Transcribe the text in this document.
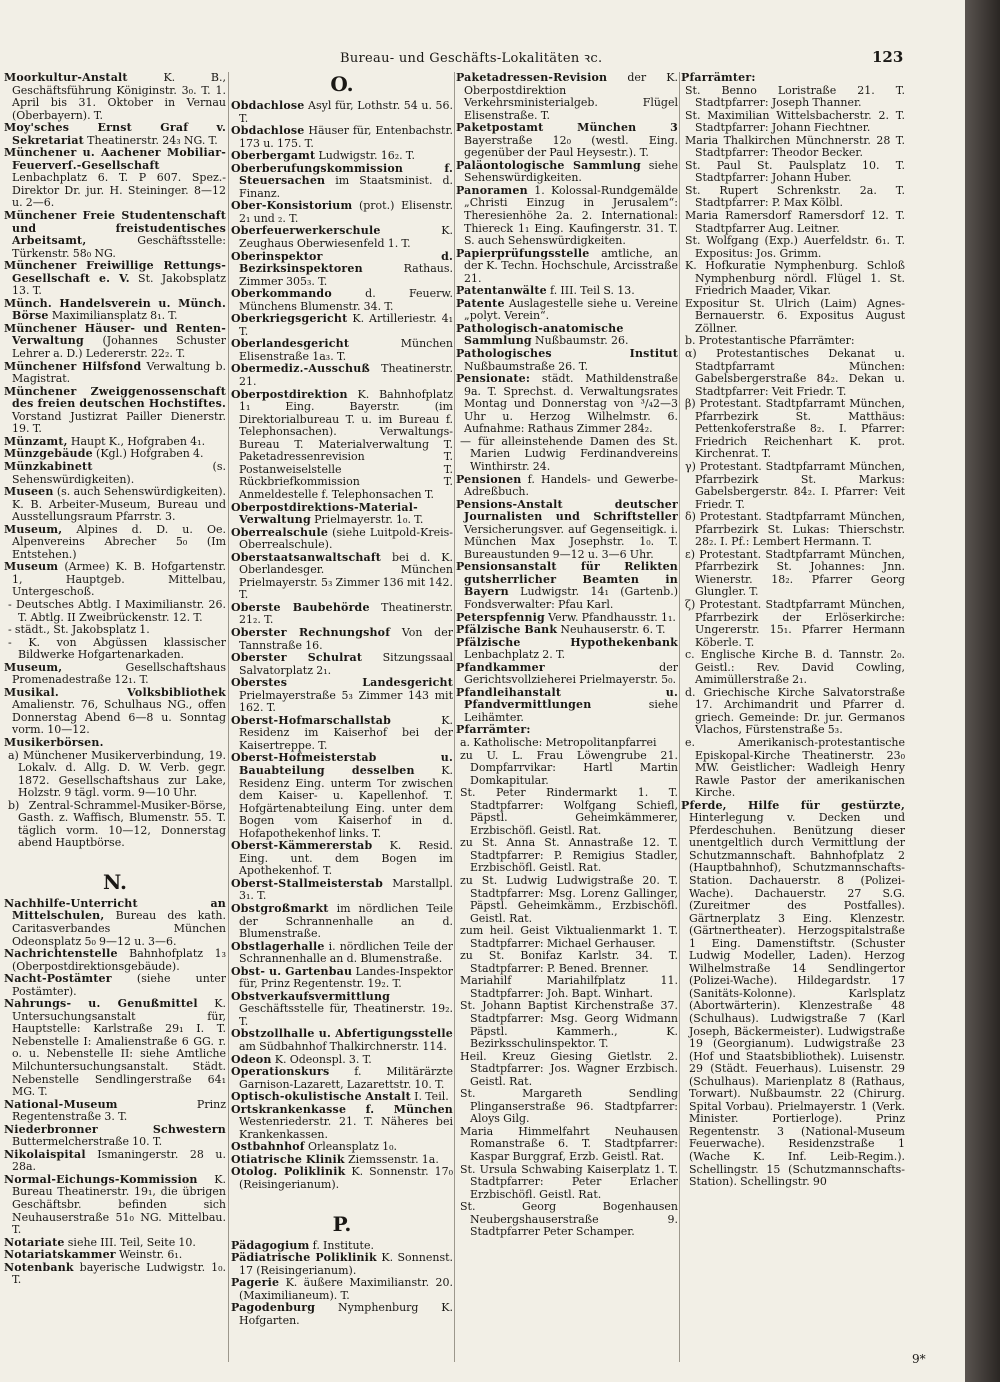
Bureau- und Geschäfts-Lokalitäten ꝛc.	123
Moorkultur-Anstalt K. B., Geschäftsführung Königinstr. 3₀. T. 1. April bis 31. Oktober in Vernau (Oberbayern). T.
Moy'sches Ernst Graf v. Sekretariat Theatinerstr. 24₃ NG. T.
Münchener u. Aachener Mobiliar-Feuerverſ.-Gesellschaft Lenbachplatz 6. T. P 607. Spez.-Direktor Dr. jur. H. Steininger. 8—12 u. 2—6.
Münchener Freie Studentenschaft und freistudentisches Arbeitsamt, Geschäftsstelle: Türkenstr. 58₀ NG.
Münchener Freiwillige Rettungs-Gesellschaft e. V. St. Jakobsplatz 13. T.
Münch. Handelsverein u. Münch. Börse Maximiliansplatz 8₁. T.
Münchener Häuser- und Renten-Verwaltung (Johannes Schuster Lehrer a. D.) Ledererstr. 22₂. T.
Münchener Hilfsfond Verwaltung b. Magistrat.
Münchener Zweiggenossenschaft des freien deutschen Hochstiftes. Vorstand Justizrat Pailler Dienerstr. 19. T.
Münzamt, Haupt K., Hofgraben 4₁.
Münzgebäude (Kgl.) Hofgraben 4.
Münzkabinett (s. Sehenswürdigkeiten).
Museen (s. auch Sehenswürdigkeiten). K. B. Arbeiter-Museum, Bureau und Ausstellungsraum Pfarrstr. 3.
Museum, Alpines d. D. u. Oe. Alpenvereins Abrecher 5₀ (Im Entstehen.)
Museum (Armee) K. B. Hofgartenstr. 1, Hauptgeb. Mittelbau, Untergeschoß.
- Deutsches Abtlg. I Maximilianstr. 26. T. Abtlg. II Zweibrückenstr. 12. T.
- städt., St. Jakobsplatz 1.
- K. von Abgüssen klassischer Bildwerke Hofgartenarkaden.
Museum, Gesellschaftshaus Promenadestraße 12₁. T.
Musikal. Volksbibliothek Amalienstr. 76, Schulhaus NG., offen Donnerstag Abend 6—8 u. Sonntag vorm. 10—12.
Musikerbörsen.
a) Münchener Musikerverbindung, 19. Lokalv. d. Allg. D. W. Verb. gegr. 1872. Gesellschaftshaus zur Lake, Holzstr. 9 tägl. vorm. 9—10 Uhr.
b) Zentral-Schrammel-Musiker-Börse, Gasth. z. Waffisch, Blumenstr. 55. T. täglich vorm. 10—12, Donnerstag abend Hauptbörse.
N.
Nachhilfe-Unterricht an Mittelschulen, Bureau des kath. Caritasverbandes München Odeonsplatz 5₀ 9—12 u. 3—6.
Nachrichtenstelle Bahnhofplatz 1₃ (Oberpostdirektionsgebäude).
Nacht-Postämter (siehe unter Postämter).
Nahrungs- u. Genußmittel K. Untersuchungsanstalt für, Hauptstelle: Karlstraße 29₁ I. T. Nebenstelle I: Amalienstraße 6 GG. r. o. u. Nebenstelle II: siehe Amtliche Milchuntersuchungsanstalt. Städt. Nebenstelle Sendlingerstraße 64₁ MG. T.
National-Museum Prinz Regentenstraße 3. T.
Niederbronner Schwestern Buttermelcherstraße 10. T.
Nikolaispital Ismaningerstr. 28 u. 28a.
Normal-Eichungs-Kommission K. Bureau Theatinerstr. 19₁, die übrigen Geschäftsbr. befinden sich Neuhauserstraße 51₀ NG. Mittelbau. T.
Notariate siehe III. Teil, Seite 10.
Notariatskammer Weinstr. 6₁.
Notenbank bayerische Ludwigstr. 1₀. T.
O.
Obdachlose Asyl für, Lothstr. 54 u. 56. T.
Obdachlose Häuser für, Entenbachstr. 173 u. 175. T.
Oberbergamt Ludwigstr. 16₂. T.
Oberberufungskommission f. Steuersachen im Staatsminist. d. Finanz.
Ober-Konsistorium (prot.) Elisenstr. 2₁ und ₂. T.
Oberfeuerwerkerschule K. Zeughaus Oberwiesenfeld 1. T.
Oberinspektor d. Bezirksinspektoren Rathaus. Zimmer 305₃. T.
Oberkommando d. Feuerw. Münchens Blumenstr. 34. T.
Oberkriegsgericht K. Artilleriestr. 4₁ T.
Oberlandesgericht München Elisenstraße 1a₃. T.
Obermediz.-Ausschuß Theatinerstr. 21.
Oberpostdirektion K. Bahnhofplatz 1₁ Eing. Bayerstr. (im Direktorialbureau T. u. im Bureau f. Telephonsachen). Verwaltungs-Bureau T. Materialverwaltung T. Paketadressenrevision T. Postanweiselstelle T. Rückbriefkommission T. Anmeldestelle f. Telephonsachen T.
Oberpostdirektions-Material-Verwaltung Prielmayerstr. 1₀. T.
Oberrealschule (siehe Luitpold-Kreis-Oberrealschule).
Oberstaatsanwaltschaft bei d. K. Oberlandesger. München Prielmayerstr. 5₃ Zimmer 136 mit 142. T.
Oberste Baubehörde Theatinerstr. 21₂. T.
Oberster Rechnungshof Von der Tannstraße 16.
Oberster Schulrat Sitzungssaal Salvatorplatz 2₁.
Oberstes Landesgericht Prielmayerstraße 5₃ Zimmer 143 mit 162. T.
Oberst-Hofmarschallstab K. Residenz im Kaiserhof bei der Kaisertreppe. T.
Oberst-Hofmeisterstab u. Bauabteilung desselben K. Residenz Eing. unterm Tor zwischen dem Kaiser- u. Kapellenhof. T. Hofgärtenabteilung Eing. unter dem Bogen vom Kaiserhof in d. Hofapothekenhof links. T.
Oberst-Kämmererstab K. Resid. Eing. unt. dem Bogen im Apothekenhof. T.
Oberst-Stallmeisterstab Marstallpl. 3₁. T.
Obstgroßmarkt im nördlichen Teile der Schrannenhalle an d. Blumenstraße.
Obstlagerhalle i. nördlichen Teile der Schrannenhalle an d. Blumenstraße.
Obst- u. Gartenbau Landes-Inspektor für, Prinz Regentenstr. 19₂. T.
Obstverkaufsvermittlung Geschäftsstelle für, Theatinerstr. 19₂. T.
Obstzollhalle u. Abfertigungsstelle am Südbahnhof Thalkirchnerstr. 114.
Odeon K. Odeonspl. 3. T.
Operationskurs f. Militärärzte Garnison-Lazarett, Lazarettstr. 10. T.
Optisch-okulistische Anstalt I. Teil.
Ortskrankenkasse f. München Westenriederstr. 21. T. Näheres bei Krankenkassen.
Ostbahnhof Orleansplatz 1₀.
Otiatrische Klinik Ziemssenstr. 1a.
Otolog. Poliklinik K. Sonnenstr. 17₀ (Reisingerianum).
P.
Pädagogium f. Institute.
Pädiatrische Poliklinik K. Sonnenst. 17 (Reisingerianum).
Pagerie K. äußere Maximilianstr. 20. (Maximilianeum). T.
Pagodenburg Nymphenburg K. Hofgarten.
Paketadressen-Revision der K. Oberpostdirektion Verkehrsministerialgeb. Flügel Elisenstraße. T.
Paketpostamt München 3 Bayerstraße 12₀ (westl. Eing. gegenüber der Paul Heysestr.). T.
Paläontologische Sammlung siehe Sehenswürdigkeiten.
Panoramen 1. Kolossal-Rundgemälde „Christi Einzug in Jerusalem“: Theresienhöhe 2a. 2. International: Thiereck 1₁ Eing. Kaufingerstr. 31. T. S. auch Sehenswürdigkeiten.
Papierprüfungsstelle amtliche, an der K. Techn. Hochschule, Arcisstraße 21.
Patentanwälte f. III. Teil S. 13.
Patente Auslagestelle siehe u. Vereine „polyt. Verein“.
Pathologisch-anatomische Sammlung Nußbaumstr. 26.
Pathologisches Institut Nußbaumstraße 26. T.
Pensionate: städt. Mathildenstraße 9a. T. Sprechst. d. Verwaltungsrates Montag und Donnerstag von ³/₄2—3 Uhr u. Herzog Wilhelmstr. 6. Aufnahme: Rathaus Zimmer 284₂.
— für alleinstehende Damen des St. Marien Ludwig Ferdinandvereins Winthirstr. 24.
Pensionen f. Handels- und Gewerbe-Adreßbuch.
Pensions-Anstalt deutscher Journalisten und Schriftsteller Versicherungsver. auf Gegenseitigk. i. München Max Josephstr. 1₀. T. Bureaustunden 9—12 u. 3—6 Uhr.
Pensionsanstalt für Relikten gutsherrlicher Beamten in Bayern Ludwigstr. 14₁ (Gartenb.) Fondsverwalter: Pfau Karl.
Peterspfennig Verw. Pfandhausstr. 1₁.
Pfälzische Bank Neuhauserstr. 6. T.
Pfälzische Hypothekenbank Lenbachplatz 2. T.
Pfandkammer der Gerichtsvollzieherei Prielmayerstr. 5₀.
Pfandleihanstalt u. Pfandvermittlungen siehe Leihämter.
Pfarrämter:
a. Katholische: Metropolitanpfarrei
zu U. L. Frau Löwengrube 21. Dompfarrvikar: Hartl Martin Domkapitular.
St. Peter Rindermarkt 1. T. Stadtpfarrer: Wolfgang Schiefl, Päpstl. Geheimkämmerer, Erzbischöfl. Geistl. Rat.
zu St. Anna St. Annastraße 12. T. Stadtpfarrer: P. Remigius Stadler, Erzbischöfl. Geistl. Rat.
zu St. Ludwig Ludwigstraße 20. T. Stadtpfarrer: Msg. Lorenz Gallinger, Päpstl. Geheimkämm., Erzbischöfl. Geistl. Rat.
zum heil. Geist Viktualienmarkt 1. T. Stadtpfarrer: Michael Gerhauser.
zu St. Bonifaz Karlstr. 34. T. Stadtpfarrer: P. Bened. Brenner.
Mariahilf Mariahilfplatz 11. Stadtpfarrer: Joh. Bapt. Winhart.
St. Johann Baptist Kirchenstraße 37. Stadtpfarrer: Msg. Georg Widmann Päpstl. Kammerh., K. Bezirksschulinspektor. T.
Heil. Kreuz Giesing Gietlstr. 2. Stadtpfarrer: Jos. Wagner Erzbisch. Geistl. Rat.
St. Margareth Sendling Plinganserstraße 96. Stadtpfarrer: Aloys Gilg.
Maria Himmelfahrt Neuhausen Romanstraße 6. T. Stadtpfarrer: Kaspar Burggraf, Erzb. Geistl. Rat.
St. Ursula Schwabing Kaiserplatz 1. T. Stadtpfarrer: Peter Erlacher Erzbischöfl. Geistl. Rat.
St. Georg Bogenhausen Neubergshauserstraße 9. Stadtpfarrer Peter Schamper.
Pfarrämter:
St. Benno Loristraße 21. T. Stadtpfarrer: Joseph Thanner.
St. Maximilian Wittelsbacherstr. 2. T. Stadtpfarrer: Johann Fiechtner.
Maria Thalkirchen Münchnerstr. 28 T. Stadtpfarrer: Theodor Becker.
St. Paul St. Paulsplatz 10. T. Stadtpfarrer: Johann Huber.
St. Rupert Schrenkstr. 2a. T. Stadtpfarrer: P. Max Kölbl.
Maria Ramersdorf Ramersdorf 12. T. Stadtpfarrer Aug. Leitner.
St. Wolfgang (Exp.) Auerfeldstr. 6₁. T. Expositus: Jos. Grimm.
K. Hofkuratie Nymphenburg. Schloß Nymphenburg nördl. Flügel 1. St. Friedrich Maader, Vikar.
Expositur St. Ulrich (Laim) Agnes-Bernauerstr. 6. Expositus August Zöllner.
b. Protestantische Pfarrämter:
α) Protestantisches Dekanat u. Stadtpfarramt München: Gabelsbergerstraße 84₂. Dekan u. Stadtpfarrer: Veit Friedr. T.
β) Protestant. Stadtpfarramt München, Pfarrbezirk St. Matthäus: Pettenkoferstraße 8₂. I. Pfarrer: Friedrich Reichenhart K. prot. Kirchenrat. T.
γ) Protestant. Stadtpfarramt München, Pfarrbezirk St. Markus: Gabelsbergerstr. 84₂. I. Pfarrer: Veit Friedr. T.
δ) Protestant. Stadtpfarramt München, Pfarrbezirk St. Lukas: Thierschstr. 28₂. I. Pf.: Lembert Hermann. T.
ε) Protestant. Stadtpfarramt München, Pfarrbezirk St. Johannes: Jnn. Wienerstr. 18₂. Pfarrer Georg Glungler. T.
ζ) Protestant. Stadtpfarramt München, Pfarrbezirk der Erlöserkirche: Ungererstr. 15₁. Pfarrer Hermann Köberle. T.
c. Englische Kirche B. d. Tannstr. 2₀. Geistl.: Rev. David Cowling, Amimüllerstraße 2₁.
d. Griechische Kirche Salvatorstraße 17. Archimandrit und Pfarrer d. griech. Gemeinde: Dr. jur. Germanos Vlachos, Fürstenstraße 5₃.
e. Amerikanisch-protestantische Episkopal-Kirche Theatinerstr. 23₀ MW. Geistlicher: Wadleigh Henry Rawle Pastor der amerikanischen Kirche.
Pferde, Hilfe für gestürzte, Hinterlegung v. Decken und Pferdeschuhen. Benützung dieser unentgeltlich durch Vermittlung der Schutzmannschaft. Bahnhofplatz 2 (Hauptbahnhof), Schutzmannschafts-Station. Dachauerstr. 8 (Polizei-Wache). Dachauerstr. 27 S.G. (Zureitmer des Postfalles). Gärtnerplatz 3 Eing. Klenzestr. (Gärtnertheater). Herzogspitalstraße 1 Eing. Damenstiftstr. (Schuster Ludwig Modeller, Laden). Herzog Wilhelmstraße 14 Sendlingertor (Polizei-Wache). Hildegardstr. 17 (Sanitäts-Kolonne). Karlsplatz (Abortwärterin). Klenzestraße 48 (Schulhaus). Ludwigstraße 7 (Karl Joseph, Bäckermeister). Ludwigstraße 19 (Georgianum). Ludwigstraße 23 (Hof und Staatsbibliothek). Luisenstr. 29 (Städt. Feuerhaus). Luisenstr. 29 (Schulhaus). Marienplatz 8 (Rathaus, Torwart). Nußbaumstr. 22 (Chirurg. Spital Vorbau). Prielmayerstr. 1 (Verk. Minister. Portierloge). Prinz Regentenstr. 3 (National-Museum Feuerwache). Residenzstraße 1 (Wache K. Inf. Leib-Regim.). Schellingstr. 15 (Schutzmannschafts-Station). Schellingstr. 90
9*
